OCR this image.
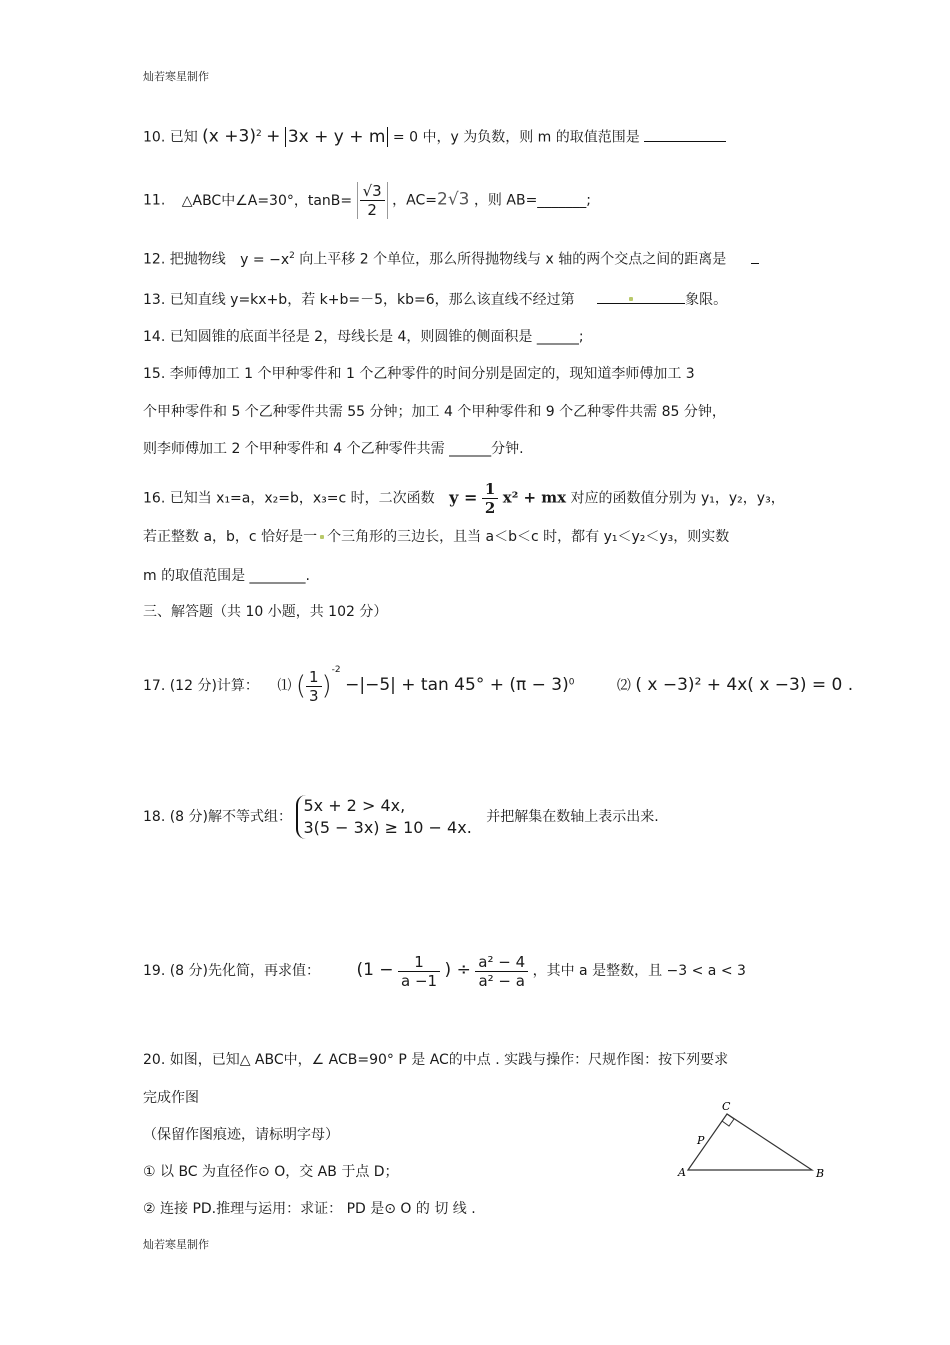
灿若寒星制作
10. 已知 $(x +3)^2 + 3x + y + m = 0$ 中，y 为负数，则 m 的取值范围是
11. △ABC中∠A=30°，$\tan B= \frac{√3}{2}$ ，AC=2√3 ，则 AB=_______;
12. 把抛物线 $y = -x^2$ 向上平移 2 个单位，那么所得抛物线与 x 轴的两个交点之间的距离是
13. 已知直线 y=kx+b，若 k+b=－5，kb=6，那么该直线不经过第	象限。
14. 已知圆锥的底面半径是 2，母线长是 4，则圆锥的侧面积是 ______;
15. 李师傅加工 1 个甲种零件和 1 个乙种零件的时间分别是固定的，现知道李师傅加工 3
个甲种零件和 5 个乙种零件共需 55 分钟；加工 4 个甲种零件和 9 个乙种零件共需 85 分钟，
则李师傅加工 2 个甲种零件和 4 个乙种零件共需 ______分钟.
16. 已知当 x₁=a，x₂=b，x₃=c 时，二次函数 $y = \frac{1}{2} x^2$ + mx 对应的函数值分别为 y₁，y₂，y₃，
若正整数 a，b，c 恰好是一 个三角形的三边长，且当 a＜b＜c 时，都有 y₁＜y₂＜y₃，则实数
m 的取值范围是 ________.
三、解答题（共 10 小题，共 102 分）
17. (12 分)计算： ⑴ ( $\frac{1}{3} )^{-2} -|-5| + \tan 45^\circ + (\pi - 3)^0$	⑵ ( x −3)² + 4x( x −3) = 0 .
18. (8 分)解不等式组：
5x + 2 > 4x,
3(5 − 3x) ≥ 10 − 4x.
并把解集在数轴上表示出来.
19. (8 分)先化简，再求值： ($1 - \frac{1}{a -1}$ ) ÷ $\frac{\text{a² − 4}}{\text{a² − a}}$ ，其中 a 是整数，且 −3 < a < 3
20. 如图，已知△ ABC中，∠ ACB=90° P 是 AC的中点 . 实践与操作：尺规作图：按下列要求
完成作图
（保留作图痕迹，请标明字母）
① 以 BC 为直径作⊙ O，交 AB 于点 D；
② 连接 PD.推理与运用：求证： PD 是⊙ O 的 切 线 .
A	B
C
P
灿若寒星制作
